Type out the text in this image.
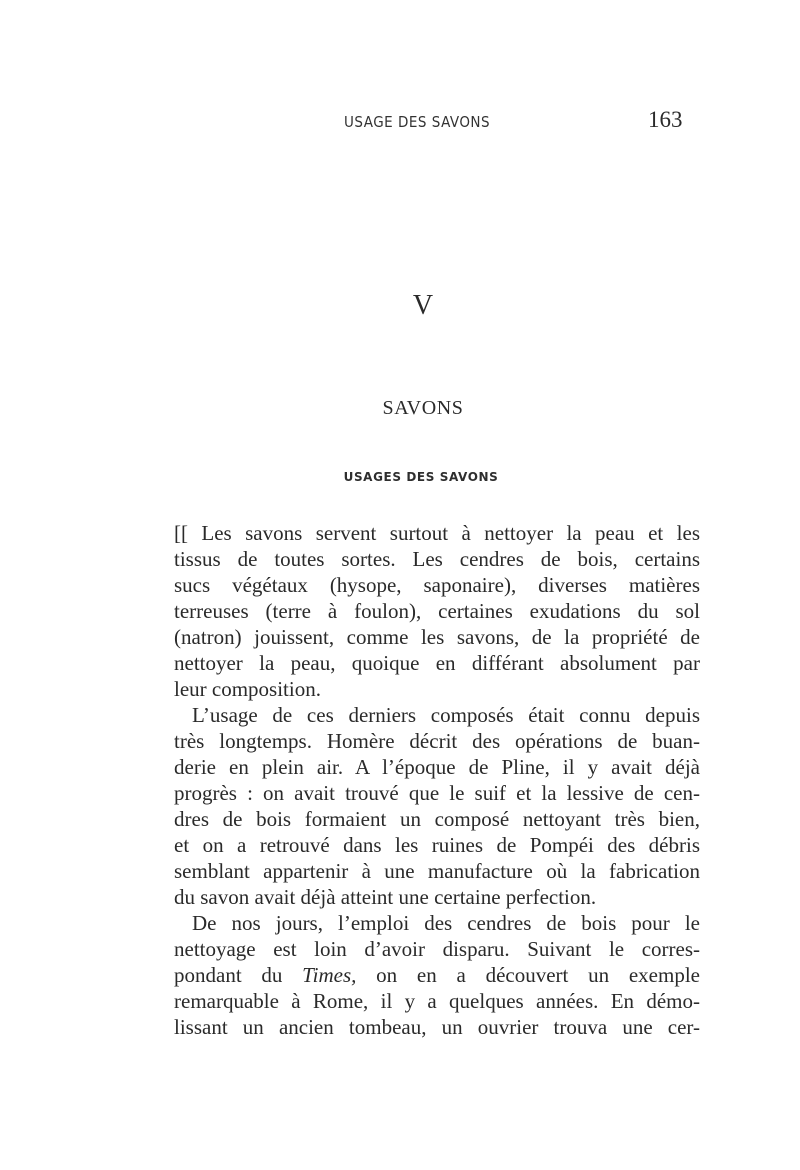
USAGE DES SAVONS	163
V
SAVONS
USAGES DES SAVONS
[[ Les savons servent surtout à nettoyer la peau et les
tissus de toutes sortes. Les cendres de bois, certains
sucs végétaux (hysope, saponaire), diverses matières
terreuses (terre à foulon), certaines exudations du sol
(natron) jouissent, comme les savons, de la propriété de
nettoyer la peau, quoique en différant absolument par
leur composition.
L’usage de ces derniers composés était connu depuis
très longtemps. Homère décrit des opérations de buan-
derie en plein air. A l’époque de Pline, il y avait déjà
progrès : on avait trouvé que le suif et la lessive de cen-
dres de bois formaient un composé nettoyant très bien,
et on a retrouvé dans les ruines de Pompéi des débris
semblant appartenir à une manufacture où la fabrication
du savon avait déjà atteint une certaine perfection.
De nos jours, l’emploi des cendres de bois pour le
nettoyage est loin d’avoir disparu. Suivant le corres-
pondant du Times, on en a découvert un exemple
remarquable à Rome, il y a quelques années. En démo-
lissant un ancien tombeau, un ouvrier trouva une cer-
